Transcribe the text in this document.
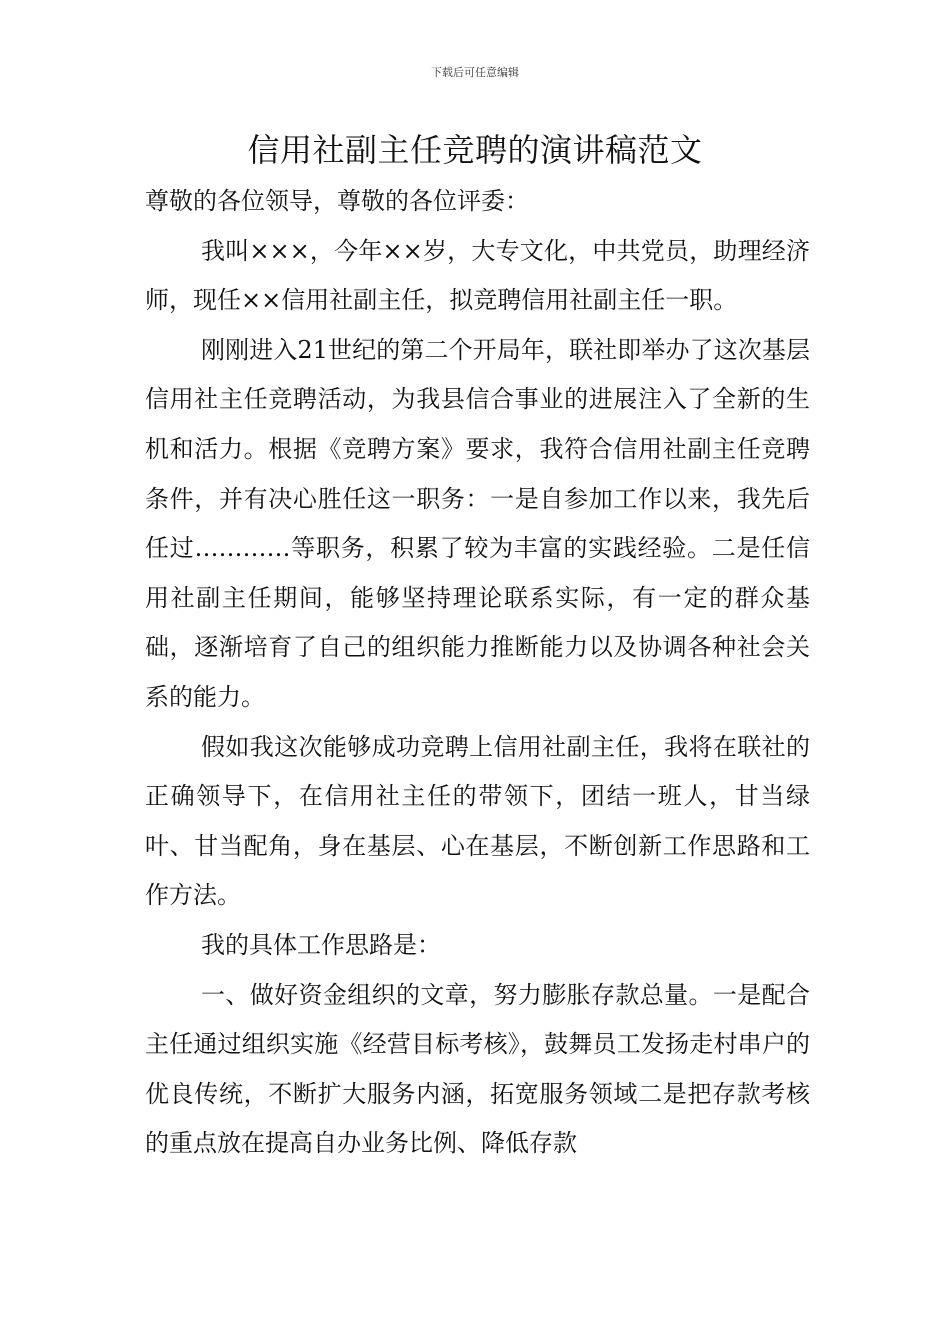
下载后可任意编辑
信用社副主任竞聘的演讲稿范文

尊敬的各位领导，尊敬的各位评委：

我叫×××，今年××岁，大专文化，中共党员，助理经济师，现任××信用社副主任，拟竞聘信用社副主任一职。

刚刚进入21世纪的第二个开局年，联社即举办了这次基层信用社主任竞聘活动，为我县信合事业的进展注入了全新的生机和活力。根据《竞聘方案》要求，我符合信用社副主任竞聘条件，并有决心胜任这一职务：一是自参加工作以来，我先后任过…………等职务，积累了较为丰富的实践经验。二是任信用社副主任期间，能够坚持理论联系实际，有一定的群众基础，逐渐培育了自己的组织能力推断能力以及协调各种社会关系的能力。

假如我这次能够成功竞聘上信用社副主任，我将在联社的正确领导下，在信用社主任的带领下，团结一班人，甘当绿叶、甘当配角，身在基层、心在基层，不断创新工作思路和工作方法。

我的具体工作思路是：

一、做好资金组织的文章，努力膨胀存款总量。一是配合主任通过组织实施《经营目标考核》，鼓舞员工发扬走村串户的优良传统，不断扩大服务内涵，拓宽服务领域二是把存款考核的重点放在提高自办业务比例、降低存款
